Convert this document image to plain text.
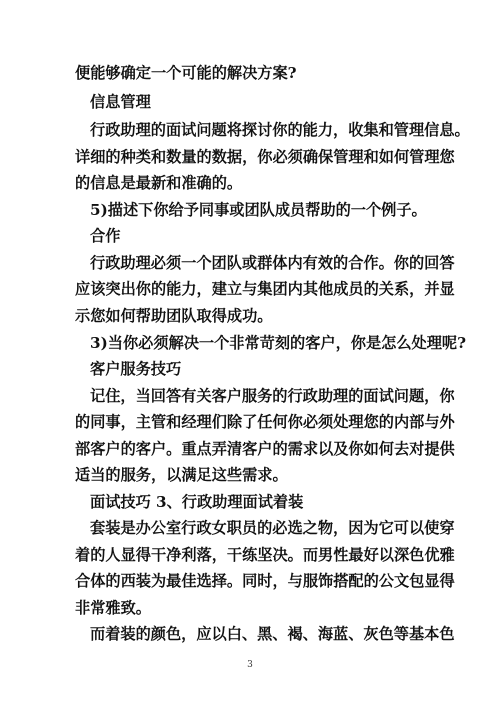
便能够确定一个可能的解决方案?
信息管理
行政助理的面试问题将探讨你的能力，收集和管理信息。
详细的种类和数量的数据，你必须确保管理和如何管理您
的信息是最新和准确的。
5)描述下你给予同事或团队成员帮助的一个例子。
合作
行政助理必须一个团队或群体内有效的合作。你的回答
应该突出你的能力，建立与集团内其他成员的关系，并显
示您如何帮助团队取得成功。
3)当你必须解决一个非常苛刻的客户，你是怎么处理呢?
客户服务技巧
记住，当回答有关客户服务的行政助理的面试问题，你
的同事，主管和经理们除了任何你必须处理您的内部与外
部客户的客户。重点弄清客户的需求以及你如何去对提供
适当的服务，以满足这些需求。
面试技巧 3、行政助理面试着装
套装是办公室行政女职员的必选之物，因为它可以使穿
着的人显得干净利落，干练坚决。而男性最好以深色优雅
合体的西装为最佳选择。同时，与服饰搭配的公文包显得
非常雅致。
而着装的颜色，应以白、黑、褐、海蓝、灰色等基本色
3
